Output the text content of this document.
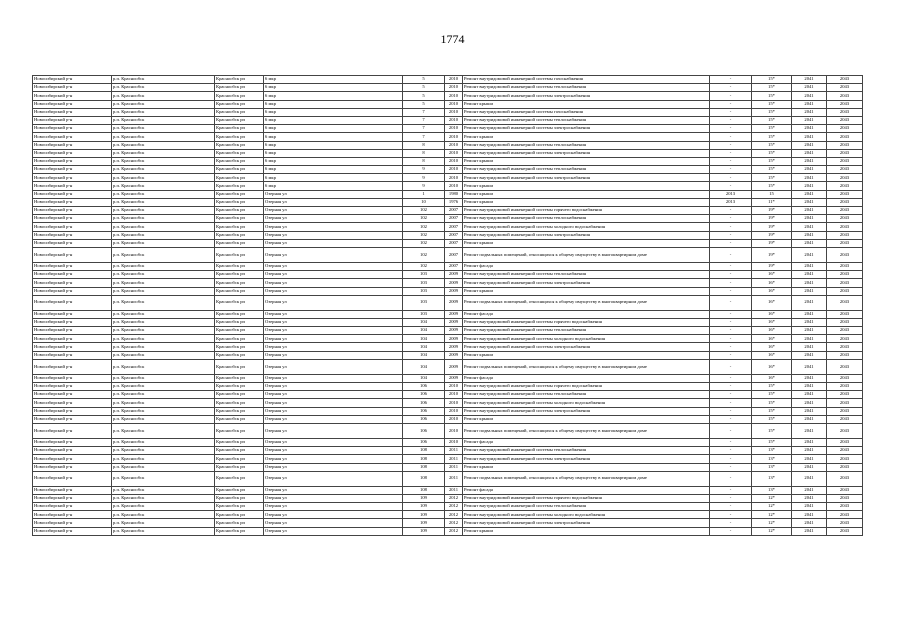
1774
Новосибирский р-н	р.п. Краснообск	Краснообск рп	6 мкр	5	2010	Ремонт внутридомовой инженерной системы газоснабжения	-	15*	2041	2043
Новосибирский р-н	р.п. Краснообск	Краснообск рп	6 мкр	5	2010	Ремонт внутридомовой инженерной системы теплоснабжения	-	15*	2041	2043
Новосибирский р-н	р.п. Краснообск	Краснообск рп	6 мкр	5	2010	Ремонт внутридомовой инженерной системы электроснабжения	-	15*	2041	2043
Новосибирский р-н	р.п. Краснообск	Краснообск рп	6 мкр	5	2010	Ремонт крыши	-	15*	2041	2043
Новосибирский р-н	р.п. Краснообск	Краснообск рп	6 мкр	7	2010	Ремонт внутридомовой инженерной системы газоснабжения	-	15*	2041	2043
Новосибирский р-н	р.п. Краснообск	Краснообск рп	6 мкр	7	2010	Ремонт внутридомовой инженерной системы теплоснабжения	-	15*	2041	2043
Новосибирский р-н	р.п. Краснообск	Краснообск рп	6 мкр	7	2010	Ремонт внутридомовой инженерной системы электроснабжения	-	15*	2041	2043
Новосибирский р-н	р.п. Краснообск	Краснообск рп	6 мкр	7	2010	Ремонт крыши	-	15*	2041	2043
Новосибирский р-н	р.п. Краснообск	Краснообск рп	6 мкр	8	2010	Ремонт внутридомовой инженерной системы теплоснабжения	-	15*	2041	2043
Новосибирский р-н	р.п. Краснообск	Краснообск рп	6 мкр	8	2010	Ремонт внутридомовой инженерной системы электроснабжения	-	15*	2041	2043
Новосибирский р-н	р.п. Краснообск	Краснообск рп	6 мкр	8	2010	Ремонт крыши	-	15*	2041	2043
Новосибирский р-н	р.п. Краснообск	Краснообск рп	6 мкр	9	2010	Ремонт внутридомовой инженерной системы теплоснабжения	-	15*	2041	2043
Новосибирский р-н	р.п. Краснообск	Краснообск рп	6 мкр	9	2010	Ремонт внутридомовой инженерной системы электроснабжения	-	15*	2041	2043
Новосибирский р-н	р.п. Краснообск	Краснообск рп	6 мкр	9	2010	Ремонт крыши	-	15*	2041	2043
Новосибирский р-н	р.п. Краснообск	Краснообск рп	Озерная ул	1	1980	Ремонт крыши	2013	15	2041	2043
Новосибирский р-н	р.п. Краснообск	Краснообск рп	Озерная ул	10	1976	Ремонт крыши	2013	11*	2041	2043
Новосибирский р-н	р.п. Краснообск	Краснообск рп	Озерная ул	102	2007	Ремонт внутридомовой инженерной системы горячего водоснабжения	-	19*	2041	2043
Новосибирский р-н	р.п. Краснообск	Краснообск рп	Озерная ул	102	2007	Ремонт внутридомовой инженерной системы теплоснабжения	-	19*	2041	2043
Новосибирский р-н	р.п. Краснообск	Краснообск рп	Озерная ул	102	2007	Ремонт внутридомовой инженерной системы холодного водоснабжения	-	19*	2041	2043
Новосибирский р-н	р.п. Краснообск	Краснообск рп	Озерная ул	102	2007	Ремонт внутридомовой инженерной системы электроснабжения	-	19*	2041	2043
Новосибирский р-н	р.п. Краснообск	Краснообск рп	Озерная ул	102	2007	Ремонт крыши	-	19*	2041	2043
Новосибирский р-н	р.п. Краснообск	Краснообск рп	Озерная ул	102	2007	Ремонт подвальных помещений, относящихся к общему имуществу в многоквартирном доме	-	19*	2041	2043
Новосибирский р-н	р.п. Краснообск	Краснообск рп	Озерная ул	102	2007	Ремонт фасада	-	19*	2041	2043
Новосибирский р-н	р.п. Краснообск	Краснообск рп	Озерная ул	103	2009	Ремонт внутридомовой инженерной системы теплоснабжения	-	16*	2041	2043
Новосибирский р-н	р.п. Краснообск	Краснообск рп	Озерная ул	103	2009	Ремонт внутридомовой инженерной системы электроснабжения	-	16*	2041	2043
Новосибирский р-н	р.п. Краснообск	Краснообск рп	Озерная ул	103	2009	Ремонт крыши	-	16*	2041	2043
Новосибирский р-н	р.п. Краснообск	Краснообск рп	Озерная ул	103	2009	Ремонт подвальных помещений, относящихся к общему имуществу в многоквартирном доме	-	16*	2041	2043
Новосибирский р-н	р.п. Краснообск	Краснообск рп	Озерная ул	103	2009	Ремонт фасада	-	16*	2041	2043
Новосибирский р-н	р.п. Краснообск	Краснообск рп	Озерная ул	104	2009	Ремонт внутридомовой инженерной системы горячего водоснабжения	-	16*	2041	2043
Новосибирский р-н	р.п. Краснообск	Краснообск рп	Озерная ул	104	2009	Ремонт внутридомовой инженерной системы теплоснабжения	-	16*	2041	2043
Новосибирский р-н	р.п. Краснообск	Краснообск рп	Озерная ул	104	2009	Ремонт внутридомовой инженерной системы холодного водоснабжения	-	16*	2041	2043
Новосибирский р-н	р.п. Краснообск	Краснообск рп	Озерная ул	104	2009	Ремонт внутридомовой инженерной системы электроснабжения	-	16*	2041	2043
Новосибирский р-н	р.п. Краснообск	Краснообск рп	Озерная ул	104	2009	Ремонт крыши	-	16*	2041	2043
Новосибирский р-н	р.п. Краснообск	Краснообск рп	Озерная ул	104	2009	Ремонт подвальных помещений, относящихся к общему имуществу в многоквартирном доме	-	16*	2041	2043
Новосибирский р-н	р.п. Краснообск	Краснообск рп	Озерная ул	104	2009	Ремонт фасада	-	16*	2041	2043
Новосибирский р-н	р.п. Краснообск	Краснообск рп	Озерная ул	106	2010	Ремонт внутридомовой инженерной системы горячего водоснабжения	-	15*	2041	2043
Новосибирский р-н	р.п. Краснообск	Краснообск рп	Озерная ул	106	2010	Ремонт внутридомовой инженерной системы теплоснабжения	-	15*	2041	2043
Новосибирский р-н	р.п. Краснообск	Краснообск рп	Озерная ул	106	2010	Ремонт внутридомовой инженерной системы холодного водоснабжения	-	15*	2041	2043
Новосибирский р-н	р.п. Краснообск	Краснообск рп	Озерная ул	106	2010	Ремонт внутридомовой инженерной системы электроснабжения	-	15*	2041	2043
Новосибирский р-н	р.п. Краснообск	Краснообск рп	Озерная ул	106	2010	Ремонт крыши	-	15*	2041	2043
Новосибирский р-н	р.п. Краснообск	Краснообск рп	Озерная ул	106	2010	Ремонт подвальных помещений, относящихся к общему имуществу в многоквартирном доме	-	15*	2041	2043
Новосибирский р-н	р.п. Краснообск	Краснообск рп	Озерная ул	106	2010	Ремонт фасада	-	15*	2041	2043
Новосибирский р-н	р.п. Краснообск	Краснообск рп	Озерная ул	108	2011	Ремонт внутридомовой инженерной системы теплоснабжения	-	13*	2041	2043
Новосибирский р-н	р.п. Краснообск	Краснообск рп	Озерная ул	108	2011	Ремонт внутридомовой инженерной системы электроснабжения	-	13*	2041	2043
Новосибирский р-н	р.п. Краснообск	Краснообск рп	Озерная ул	108	2011	Ремонт крыши	-	13*	2041	2043
Новосибирский р-н	р.п. Краснообск	Краснообск рп	Озерная ул	108	2011	Ремонт подвальных помещений, относящихся к общему имуществу в многоквартирном доме	-	13*	2041	2043
Новосибирский р-н	р.п. Краснообск	Краснообск рп	Озерная ул	108	2011	Ремонт фасада	-	13*	2041	2043
Новосибирский р-н	р.п. Краснообск	Краснообск рп	Озерная ул	109	2012	Ремонт внутридомовой инженерной системы горячего водоснабжения	-	12*	2041	2043
Новосибирский р-н	р.п. Краснообск	Краснообск рп	Озерная ул	109	2012	Ремонт внутридомовой инженерной системы теплоснабжения	-	12*	2041	2043
Новосибирский р-н	р.п. Краснообск	Краснообск рп	Озерная ул	109	2012	Ремонт внутридомовой инженерной системы холодного водоснабжения	-	12*	2041	2043
Новосибирский р-н	р.п. Краснообск	Краснообск рп	Озерная ул	109	2012	Ремонт внутридомовой инженерной системы электроснабжения	-	12*	2041	2043
Новосибирский р-н	р.п. Краснообск	Краснообск рп	Озерная ул	109	2012	Ремонт крыши	-	12*	2041	2043
